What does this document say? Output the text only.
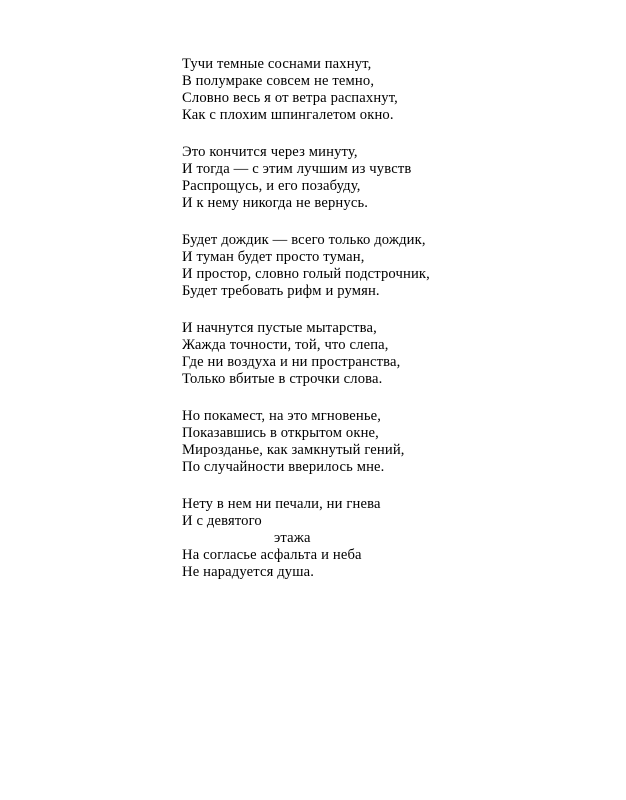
Тучи темные соснами пахнут,
В полумраке совсем не темно,
Словно весь я от ветра распахнут,
Как с плохим шпингалетом окно.
Это кончится через минуту,
И тогда — с этим лучшим из чувств
Распрощусь, и его позабуду,
И к нему никогда не вернусь.
Будет дождик — всего только дождик,
И туман будет просто туман,
И простор, словно голый подстрочник,
Будет требовать рифм и румян.
И начнутся пустые мытарства,
Жажда точности, той, что слепа,
Где ни воздуха и ни пространства,
Только вбитые в строчки слова.
Но покамест, на это мгновенье,
Показавшись в открытом окне,
Мирозданье, как замкнутый гений,
По случайности вверилось мне.
Нету в нем ни печали, ни гнева
И с девятого
этажа
На согласье асфальта и неба
Не нарадуется душа.
